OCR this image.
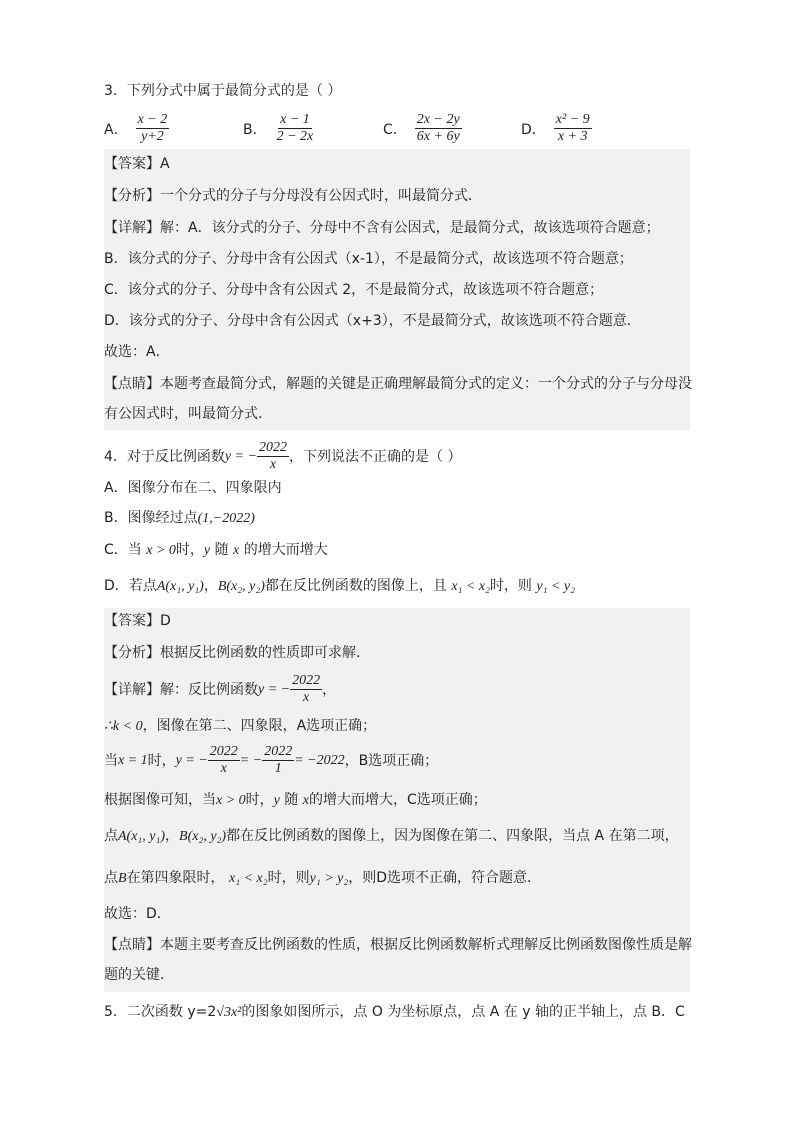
3．下列分式中属于最简分式的是（ ）
A． $\frac{x - 2}{y+2}$	B． $\frac{x - 1}{2 - 2x}$	C． $\frac{2x - 2y}{6x + 6y}$	D． $\frac{\text{x² − 9}}{x + 3}$
【答案】A
【分析】一个分式的分子与分母没有公因式时，叫最简分式．
【详解】解：A．该分式的分子、分母中不含有公因式，是最简分式，故该选项符合题意；
B．该分式的分子、分母中含有公因式（x-1），不是最简分式，故该选项不符合题意；
C．该分式的分子、分母中含有公因式 2，不是最简分式，故该选项不符合题意；
D．该分式的分子、分母中含有公因式（x+3），不是最简分式，故该选项不符合题意．
故选：A．
【点睛】本题考查最简分式，解题的关键是正确理解最简分式的定义：一个分式的分子与分母没
有公因式时，叫最简分式．
4．对于反比例函数 y = − $\frac{2022}{x}$ ，下列说法不正确的是（ ）
A．图像分布在二、四象限内
B．图像经过点(1,−2022)
C．当 x > 0时，y 随 x 的增大而增大
D．若点A(x₁, y₁)，B(x₂, y₂)都在反比例函数的图像上，且 x₁ < x₂时，则 y₁ < y₂
【答案】D
【分析】根据反比例函数的性质即可求解．
【详解】解：反比例函数 y = − $\frac{2022}{x}$ ，
∴k < 0，图像在第二、四象限，A选项正确；
当 x = 1 时， y = − $\frac{2022}{x}$ = − $\frac{2022}{1} = -2022$ ，B选项正确；
根据图像可知，当x > 0时，y 随 x的增大而增大，C选项正确；
点A(x₁, y₁)，B(x₂, y₂)都在反比例函数的图像上，因为图像在第二、四象限，当点 A 在第二项，
点B在第四象限时， x₁ < x₂时，则y₁ > y₂，则D选项不正确，符合题意．
故选：D．
【点睛】本题主要考查反比例函数的性质，根据反比例函数解析式理解反比例函数图像性质是解
题的关键．
5．二次函数 y=2√3x²的图象如图所示，点 O 为坐标原点，点 A 在 y 轴的正半轴上，点 B．C
